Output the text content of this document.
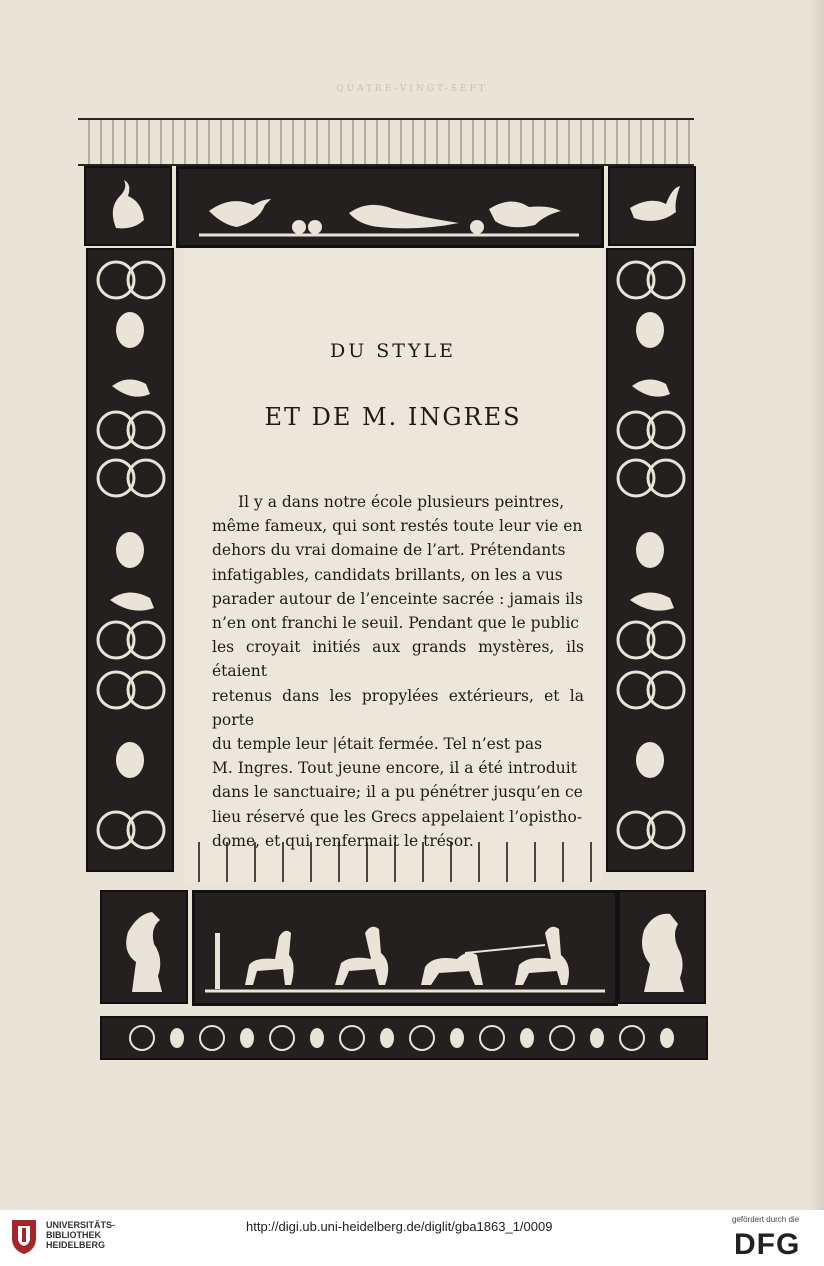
QUATRE-VINGT-SEPT
DU STYLE
ET DE M. INGRES
Il y a dans notre école plusieurs peintres,
même fameux, qui sont restés toute leur vie en
dehors du vrai domaine de l’art. Prétendants
infatigables, candidats brillants, on les a vus
parader autour de l’enceinte sacrée : jamais ils
n’en ont franchi le seuil. Pendant que le public
les croyait initiés aux grands mystères, ils étaient
retenus dans les propylées extérieurs, et la porte
du temple leur |était fermée. Tel n’est pas
M. Ingres. Tout jeune encore, il a été introduit
dans le sanctuaire; il a pu pénétrer jusqu’en ce
lieu réservé que les Grecs appelaient l’opistho-
dome, et qui renfermait le trésor.
UNIVERSITÄTS-
BIBLIOTHEK
HEIDELBERG
http://digi.ub.uni-heidelberg.de/diglit/gba1863_1/0009	gefördert durch die
DFG
